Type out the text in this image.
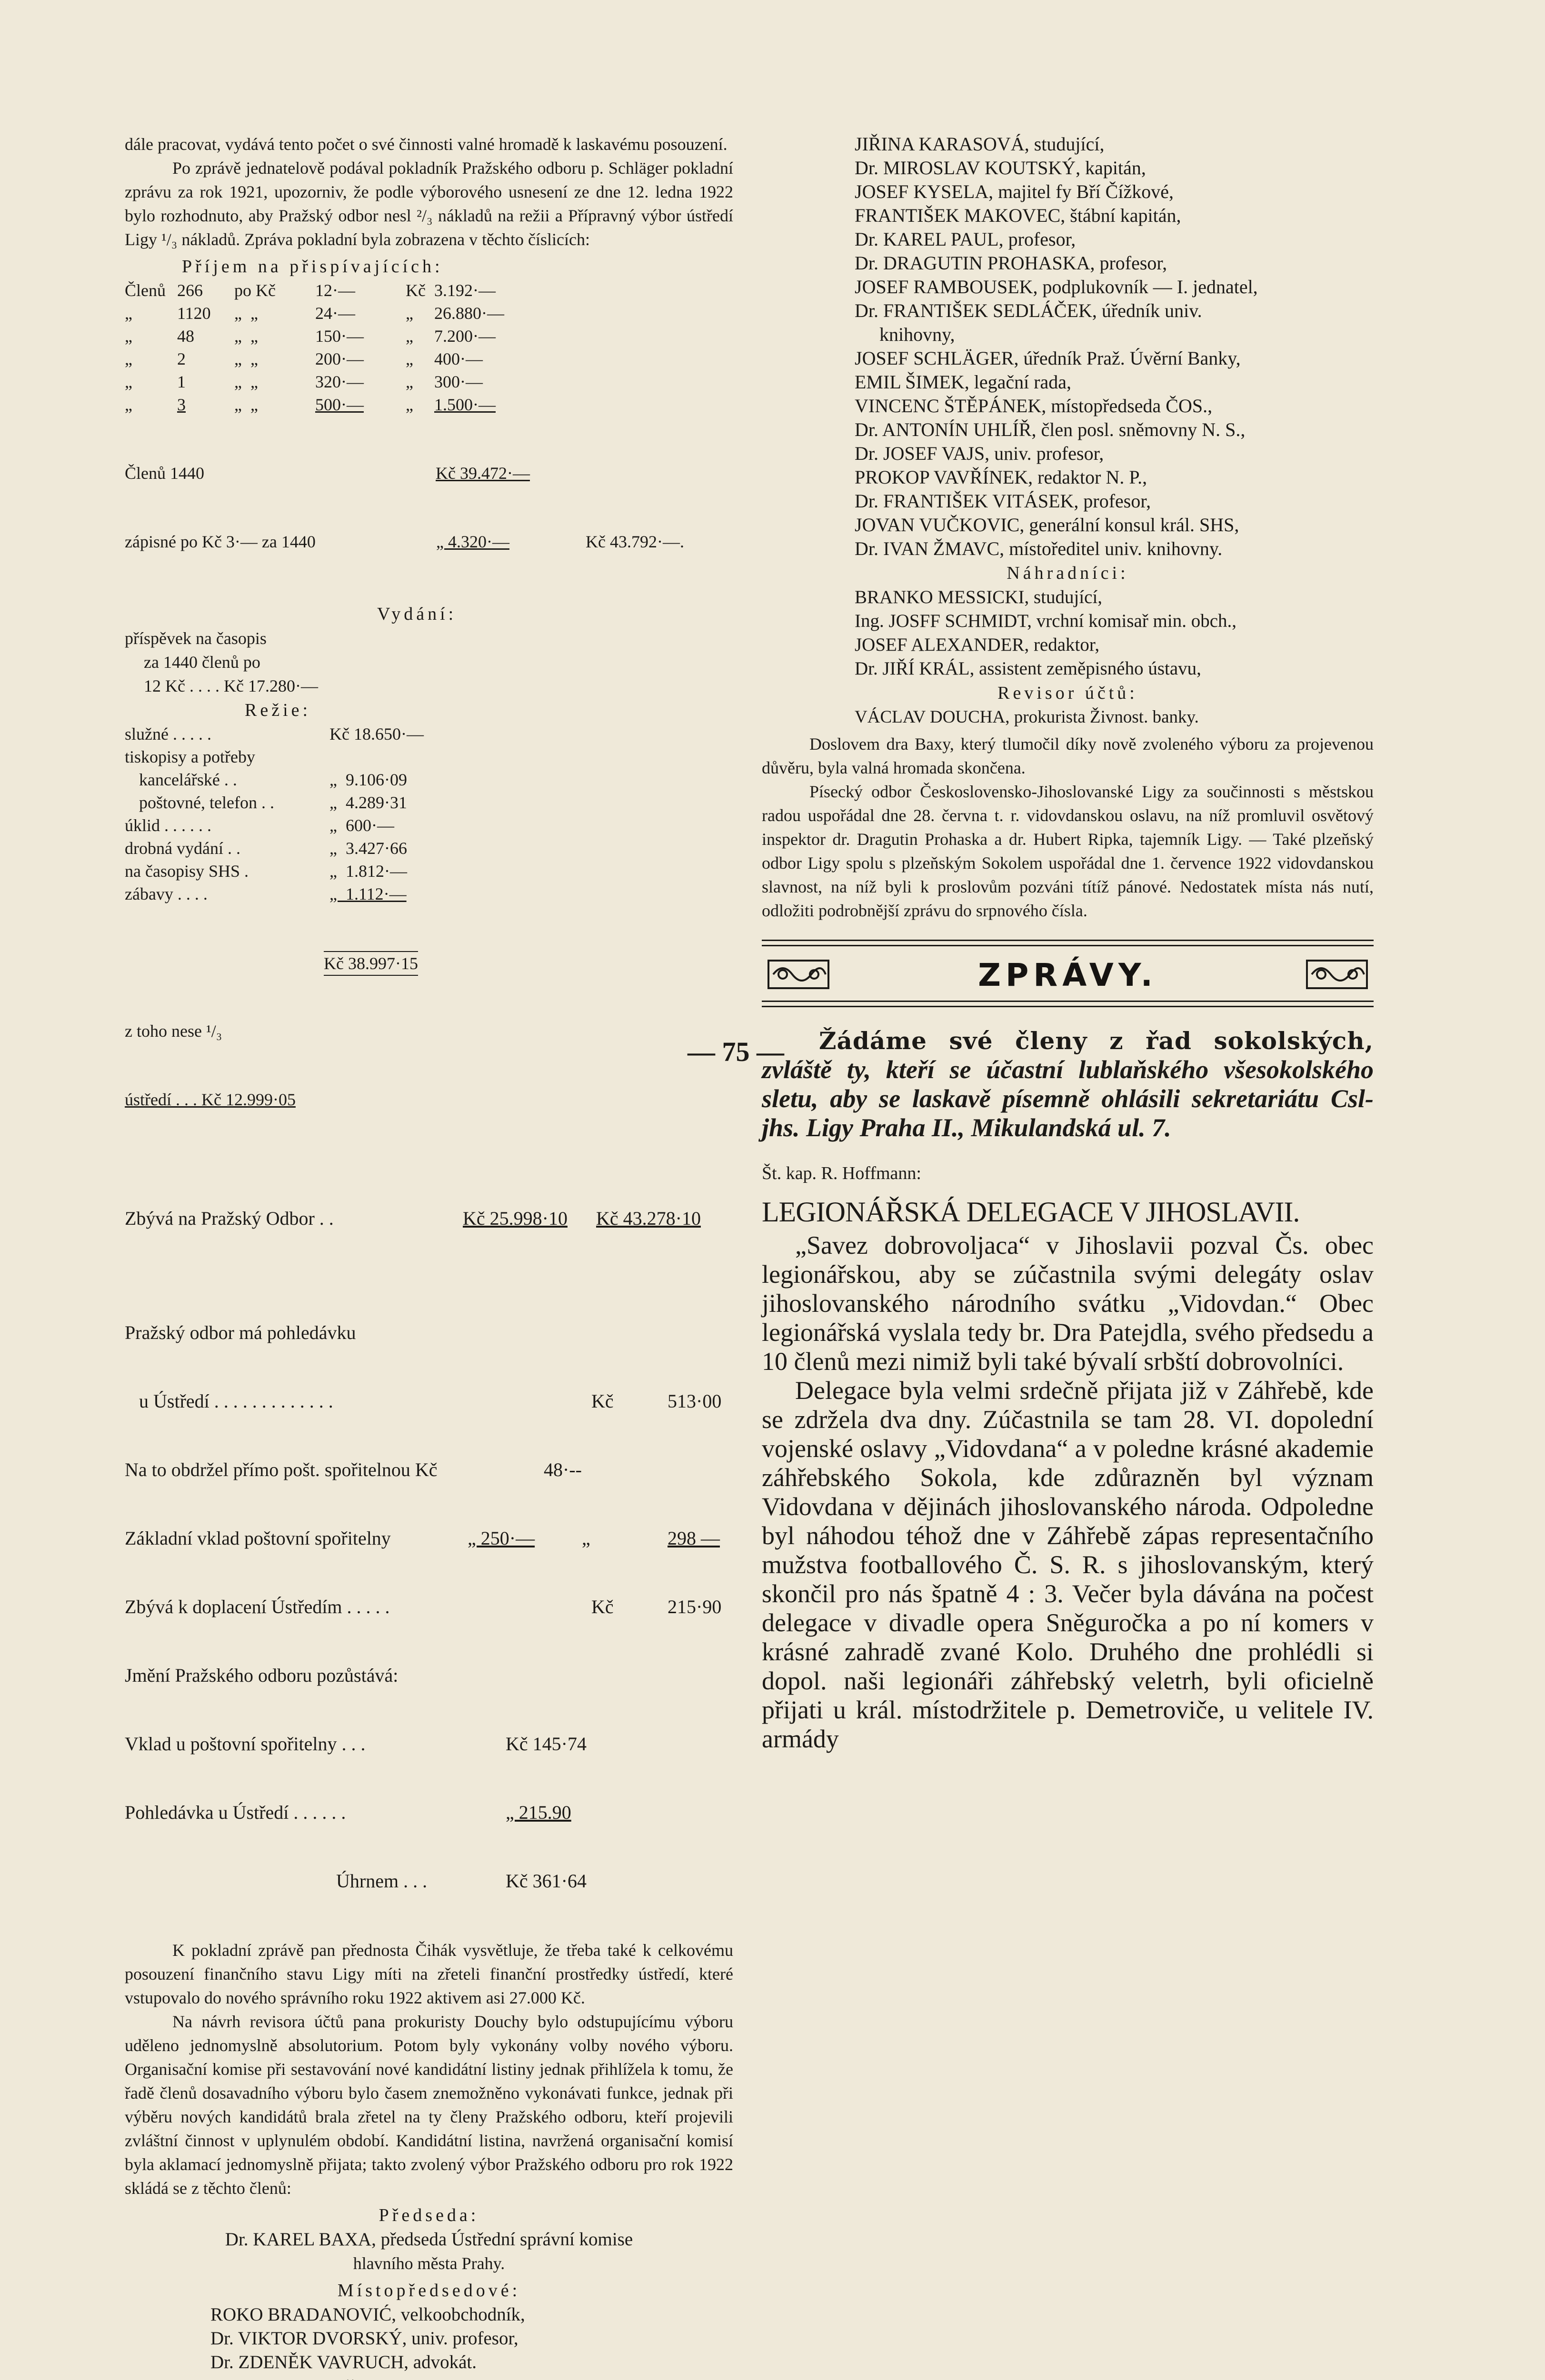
dále pracovat, vydává tento počet o své činnosti valné hromadě k laskavému posouzení.

Po zprávě jednatelově podával pokladník Pražského odboru p. Schläger pokladní zprávu za rok 1921, upozorniv, že podle výborového usnesení ze dne 12. ledna 1922 bylo rozhodnuto, aby Pražský odbor nesl ²/₃ nákladů na režii a Přípravný výbor ústředí Ligy ¹/₃ nákladů. Zpráva pokladní byla zobrazena v těchto číslicích:

Příjem na přispívajících:
Členů 266 po Kč 12·—	Kč 3.192·—
„	1120 „  „	24·—	„ 26.880·—
„	48 „  „	150·— „ 7.200·—
„	2	„  „	200·— „ 400·—
„	1	„  „	320·— „ 300·—
„	3	„  „	500·— „ 1.500·—

Členů 1440	Kč 39.472·—

zápisné po Kč 3·— za 1440	„ 4.320·—	Kč 43.792·—.

Vydání:
příspěvek na časopis
za 1440 členů po
12 Kč . . . . Kč 17.280·—
Režie:
služné . . . . .	Kč 18.650·—
tiskopisy a potřeby
kancelářské . .	„  9.106·09
poštovné, telefon . .	„  4.289·31
úklid . . . . . .	„  600·—
drobná vydání . .	„  3.427·66
na časopisy SHS .	„  1.812·—
zábavy . . . .	„  1.112·—

Kč 38.997·15

z toho nese ¹/₃

ústředí . . . Kč 12.999·05

Zbývá na Pražský Odbor . .	Kč 25.998·10 Kč 43.278·10

Pražský odbor má pohledávku

u Ústředí . . . . . . . . . . . . .	Kč	513·00

Na to obdržel přímo pošt. spořitelnou Kč	48·--

Základní vklad poštovní spořitelny	„ 250·— „	298 —

Zbývá k doplacení Ústředím . . . . .	Kč	215·90

Jmění Pražského odboru pozůstává:

Vklad u poštovní spořitelny . . .	Kč 145·74

Pohledávka u Ústředí . . . . . .	„ 215.90

Úhrnem . . .	Kč 361·64

K pokladní zprávě pan přednosta Čihák vysvětluje, že třeba také k celkovému posouzení finančního stavu Ligy míti na zřeteli finanční prostředky ústředí, které vstupovalo do nového správního roku 1922 aktivem asi 27.000 Kč.

Na návrh revisora účtů pana prokuristy Douchy bylo odstupujícímu výboru uděleno jednomyslně absolutorium. Potom byly vykonány volby nového výboru. Organisační komise při sestavování nové kandidátní listiny jednak přihlížela k tomu, že řadě členů dosavadního výboru bylo časem znemožněno vykonávati funkce, jednak při výběru nových kandidátů brala zřetel na ty členy Pražského odboru, kteří projevili zvláštní činnost v uplynulém období. Kandidátní listina, navržená organisační komisí byla aklamací jednomyslně přijata; takto zvolený výbor Pražského odboru pro rok 1922 skládá se z těchto členů:

Předseda:
Dr. KAREL BAXA, předseda Ústřední správní komise
hlavního města Prahy.
Místopředsedové:
ROKO BRADANOVIĆ, velkoobchodník,
Dr. VIKTOR DVORSKÝ, univ. profesor,
Dr. ZDENĚK VAVRUCH, advokát.
JIŘINA KARASOVÁ, studující,
Dr. MIROSLAV KOUTSKÝ, kapitán,
JOSEF KYSELA, majitel fy Bří Čížkové,
FRANTIŠEK MAKOVEC, štábní kapitán,
Dr. KAREL PAUL, profesor,
Dr. DRAGUTIN PROHASKA, profesor,
JOSEF RAMBOUSEK, podplukovník — I. jednatel,
Dr. FRANTIŠEK SEDLÁČEK, úředník univ.
knihovny,
JOSEF SCHLÄGER, úředník Praž. Úvěrní Banky,
EMIL ŠIMEK, legační rada,
VINCENC ŠTĚPÁNEK, místopředseda ČOS.,
Dr. ANTONÍN UHLÍŘ, člen posl. sněmovny N. S.,
Dr. JOSEF VAJS, univ. profesor,
PROKOP VAVŘÍNEK, redaktor N. P.,
Dr. FRANTIŠEK VITÁSEK, profesor,
JOVAN VUČKOVIC, generální konsul král. SHS,
Dr. IVAN ŽMAVC, místoředitel univ. knihovny.
Náhradníci:
BRANKO MESSICKI, studující,
Ing. JOSFF SCHMIDT, vrchní komisař min. obch.,
JOSEF ALEXANDER, redaktor,
Dr. JIŘÍ KRÁL, assistent zeměpisného ústavu,
Revisor účtů:
VÁCLAV DOUCHA, prokurista Živnost. banky.

Doslovem dra Baxy, který tlumočil díky nově zvoleného výboru za projevenou důvěru, byla valná hromada skončena.

Písecký odbor Československo-Jihoslovanské Ligy za součinnosti s městskou radou uspořádal dne 28. června t. r. vidovdanskou oslavu, na níž promluvil osvětový inspektor dr. Dragutin Prohaska a dr. Hubert Ripka, tajemník Ligy. — Také plzeňský odbor Ligy spolu s plzeňským Sokolem uspořádal dne 1. července 1922 vidovdanskou slavnost, na níž byli k proslovům pozváni títíž pánové. Nedostatek místa nás nutí, odložiti podrobnější zprávu do srpnového čísla.

ZPRÁVY.

Žádáme své členy z řad sokolských, zvláště ty, kteří se účastní lublaňského všesokolského sletu, aby se laskavě písemně ohlásili sekretariátu Csl-jhs. Ligy Praha II., Mikulandská ul. 7.

Št. kap. R. Hoffmann:
LEGIONÁŘSKÁ DELEGACE V JIHOSLAVII.

„Savez dobrovoljaca“ v Jihoslavii pozval Čs. obec legionářskou, aby se zúčastnila svými delegáty oslav jihoslovanského národního svátku „Vidovdan.“ Obec legionářská vyslala tedy br. Dra Patejdla, svého předsedu a 10 členů mezi nimiž byli také bývalí srbští dobrovolníci.

Delegace byla velmi srdečně přijata již v Záhřebě, kde se zdržela dva dny. Zúčastnila se tam 28. VI. dopolední vojenské oslavy „Vidovdana“ a v poledne krásné akademie záhřebského Sokola, kde zdůrazněn byl význam Vidovdana v dějinách jihoslovanského národa. Odpoledne byl náhodou téhož dne v Záhřebě zápas representačního mužstva footballového Č. S. R. s jihoslovanským, který skončil pro nás špatně 4 : 3. Večer byla dávána na počest delegace v divadle opera Sněguročka a po ní komers v krásné zahradě zvané Kolo. Druhého dne prohlédli si dopol. naši legionáři záhřebský veletrh, byli oficielně přijati u král. místodržitele p. Demetroviče, u velitele IV. armády

— 75 —
